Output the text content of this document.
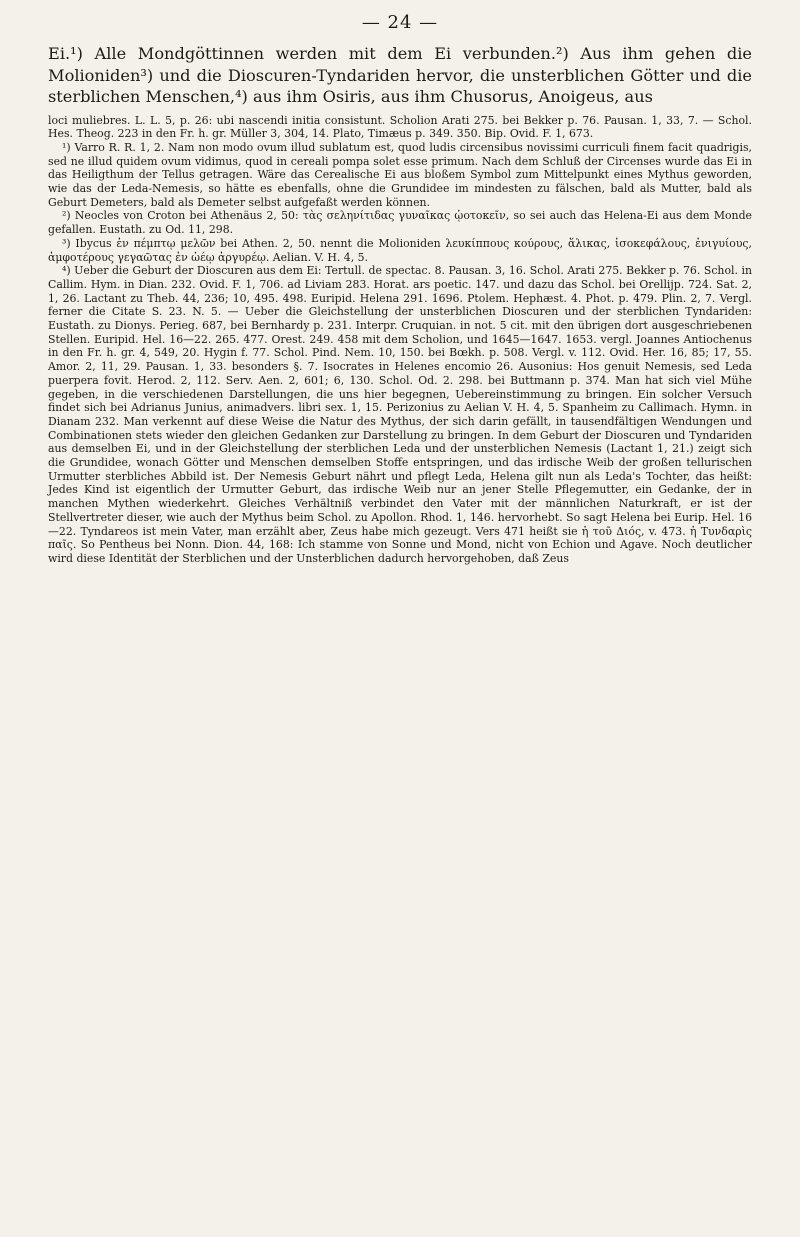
— 24 —

Ei.¹) Alle Mondgöttinnen werden mit dem Ei verbunden.²) Aus ihm gehen die Molioniden³) und die Dioscuren-Tyndariden hervor, die unsterblichen Götter und die sterblichen Menschen,⁴) aus ihm Osiris, aus ihm Chusorus, Anoigeus, aus

loci muliebres. L. L. 5, p. 26: ubi nascendi initia consistunt. Scholion Arati 275. bei Bekker p. 76. Pausan. 1, 33, 7. — Schol. Hes. Theog. 223 in den Fr. h. gr. Müller 3, 304, 14. Plato, Timæus p. 349. 350. Bip. Ovid. F. 1, 673.

¹) Varro R. R. 1, 2. Nam non modo ovum illud sublatum est, quod ludis circensibus novissimi curriculi finem facit quadrigis, sed ne illud quidem ovum vidimus, quod in cereali pompa solet esse primum. Nach dem Schluß der Circenses wurde das Ei in das Heiligthum der Tellus getragen. Wäre das Cerealische Ei aus bloßem Symbol zum Mittelpunkt eines Mythus geworden, wie das der Leda-Nemesis, so hätte es ebenfalls, ohne die Grundidee im mindesten zu fälschen, bald als Mutter, bald als Geburt Demeters, bald als Demeter selbst aufgefaßt werden können.

²) Neocles von Croton bei Athenäus 2, 50: τὰς σεληνίτιδας γυναῖκας ᾠοτοκεῖν, so sei auch das Helena-Ei aus dem Monde gefallen. Eustath. zu Od. 11, 298.

³) Ibycus ἐν πέμπτῳ μελῶν bei Athen. 2, 50. nennt die Molioniden λευκίππους κούρους, ἅλικας, ἰσοκεφάλους, ἐνιγυίους, ἀμφοτέρους γεγαῶτας ἐν ὠέῳ ἀργυρέῳ. Aelian. V. H. 4, 5.

⁴) Ueber die Geburt der Dioscuren aus dem Ei: Tertull. de spectac. 8. Pausan. 3, 16. Schol. Arati 275. Bekker p. 76. Schol. in Callim. Hym. in Dian. 232. Ovid. F. 1, 706. ad Liviam 283. Horat. ars poetic. 147. und dazu das Schol. bei Orellijp. 724. Sat. 2, 1, 26. Lactant zu Theb. 44, 236; 10, 495. 498. Euripid. Helena 291. 1696. Ptolem. Hephæst. 4. Phot. p. 479. Plin. 2, 7. Vergl. ferner die Citate S. 23. N. 5. — Ueber die Gleichstellung der unsterblichen Dioscuren und der sterblichen Tyndariden: Eustath. zu Dionys. Perieg. 687, bei Bernhardy p. 231. Interpr. Cruquian. in not. 5 cit. mit den übrigen dort ausgeschriebenen Stellen. Euripid. Hel. 16—22. 265. 477. Orest. 249. 458 mit dem Scholion, und 1645—1647. 1653. vergl. Joannes Antiochenus in den Fr. h. gr. 4, 549, 20. Hygin f. 77. Schol. Pind. Nem. 10, 150. bei Bœkh. p. 508. Vergl. v. 112. Ovid. Her. 16, 85; 17, 55. Amor. 2, 11, 29. Pausan. 1, 33. besonders §. 7. Isocrates in Helenes encomio 26. Ausonius: Hos genuit Nemesis, sed Leda puerpera fovit. Herod. 2, 112. Serv. Aen. 2, 601; 6, 130. Schol. Od. 2. 298. bei Buttmann p. 374. Man hat sich viel Mühe gegeben, in die verschiedenen Darstellungen, die uns hier begegnen, Uebereinstimmung zu bringen. Ein solcher Versuch findet sich bei Adrianus Junius, animadvers. libri sex. 1, 15. Perizonius zu Aelian V. H. 4, 5. Spanheim zu Callimach. Hymn. in Dianam 232. Man verkennt auf diese Weise die Natur des Mythus, der sich darin gefällt, in tausendfältigen Wendungen und Combinationen stets wieder den gleichen Gedanken zur Darstellung zu bringen. In dem Geburt der Dioscuren und Tyndariden aus demselben Ei, und in der Gleichstellung der sterblichen Leda und der unsterblichen Nemesis (Lactant 1, 21.) zeigt sich die Grundidee, wonach Götter und Menschen demselben Stoffe entspringen, und das irdische Weib der großen tellurischen Urmutter sterbliches Abbild ist. Der Nemesis Geburt nährt und pflegt Leda, Helena gilt nun als Leda's Tochter, das heißt: Jedes Kind ist eigentlich der Urmutter Geburt, das irdische Weib nur an jener Stelle Pflegemutter, ein Gedanke, der in manchen Mythen wiederkehrt. Gleiches Verhältniß verbindet den Vater mit der männlichen Naturkraft, er ist der Stellvertreter dieser, wie auch der Mythus beim Schol. zu Apollon. Rhod. 1, 146. hervorhebt. So sagt Helena bei Eurip. Hel. 16—22. Tyndareos ist mein Vater, man erzählt aber, Zeus habe mich gezeugt. Vers 471 heißt sie ἡ τοῦ Διός, v. 473. ἡ Τυνδαρὶς παῖς. So Pentheus bei Nonn. Dion. 44, 168: Ich stamme von Sonne und Mond, nicht von Echion und Agave. Noch deutlicher wird diese Identität der Sterblichen und der Unsterblichen dadurch hervorgehoben, daß Zeus
